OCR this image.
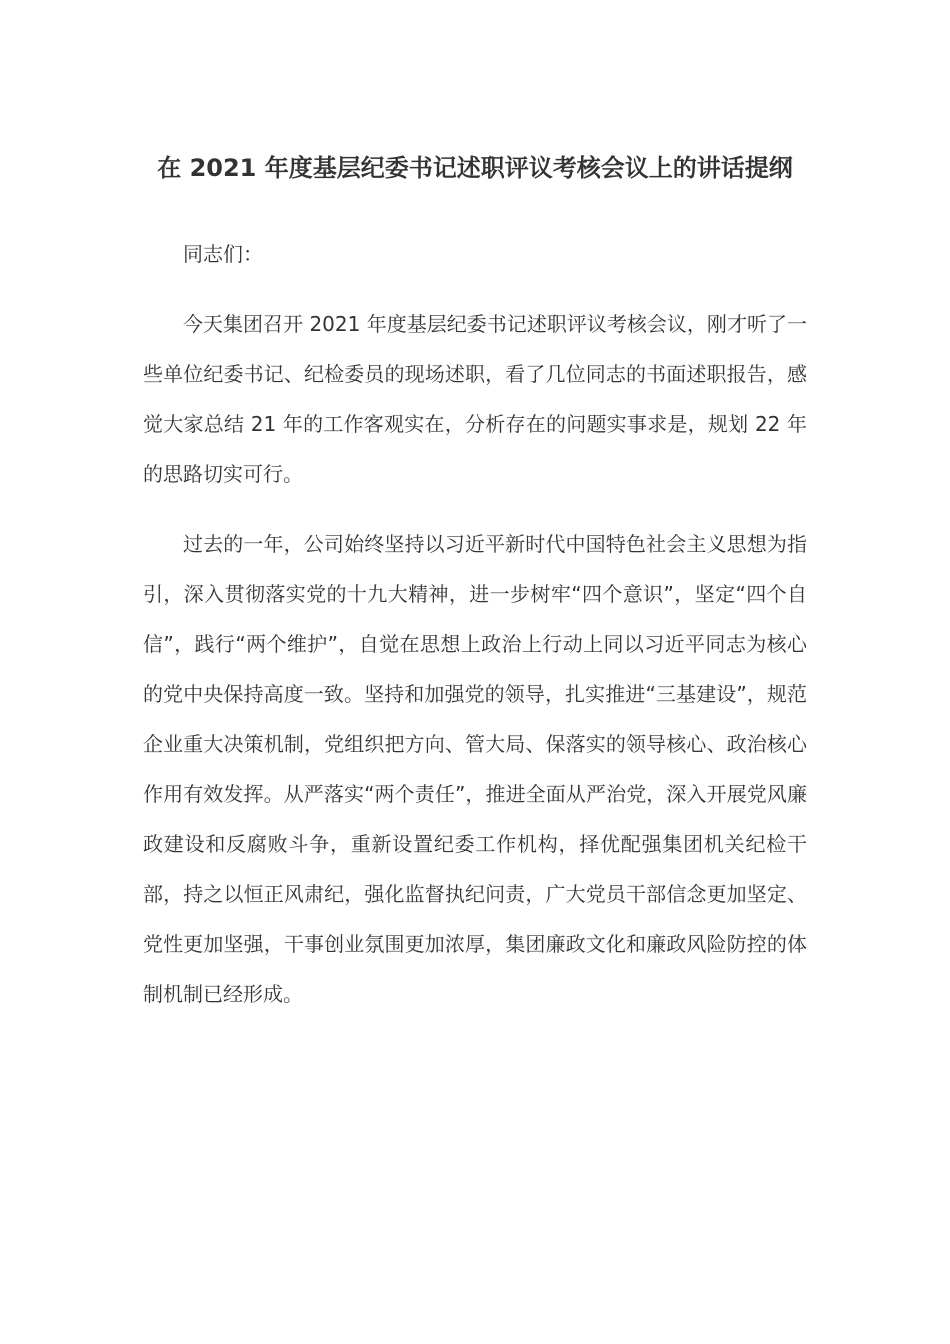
在 2021 年度基层纪委书记述职评议考核会议上的讲话提纲

同志们：

今天集团召开 2021 年度基层纪委书记述职评议考核会议，刚才听了一些单位纪委书记、纪检委员的现场述职，看了几位同志的书面述职报告，感觉大家总结 21 年的工作客观实在，分析存在的问题实事求是，规划 22 年的思路切实可行。

过去的一年，公司始终坚持以习近平新时代中国特色社会主义思想为指引，深入贯彻落实党的十九大精神，进一步树牢“四个意识”，坚定“四个自信”，践行“两个维护”，自觉在思想上政治上行动上同以习近平同志为核心的党中央保持高度一致。坚持和加强党的领导，扎实推进“三基建设”，规范企业重大决策机制，党组织把方向、管大局、保落实的领导核心、政治核心作用有效发挥。从严落实“两个责任”，推进全面从严治党，深入开展党风廉政建设和反腐败斗争，重新设置纪委工作机构，择优配强集团机关纪检干部，持之以恒正风肃纪，强化监督执纪问责，广大党员干部信念更加坚定、党性更加坚强，干事创业氛围更加浓厚，集团廉政文化和廉政风险防控的体制机制已经形成。
